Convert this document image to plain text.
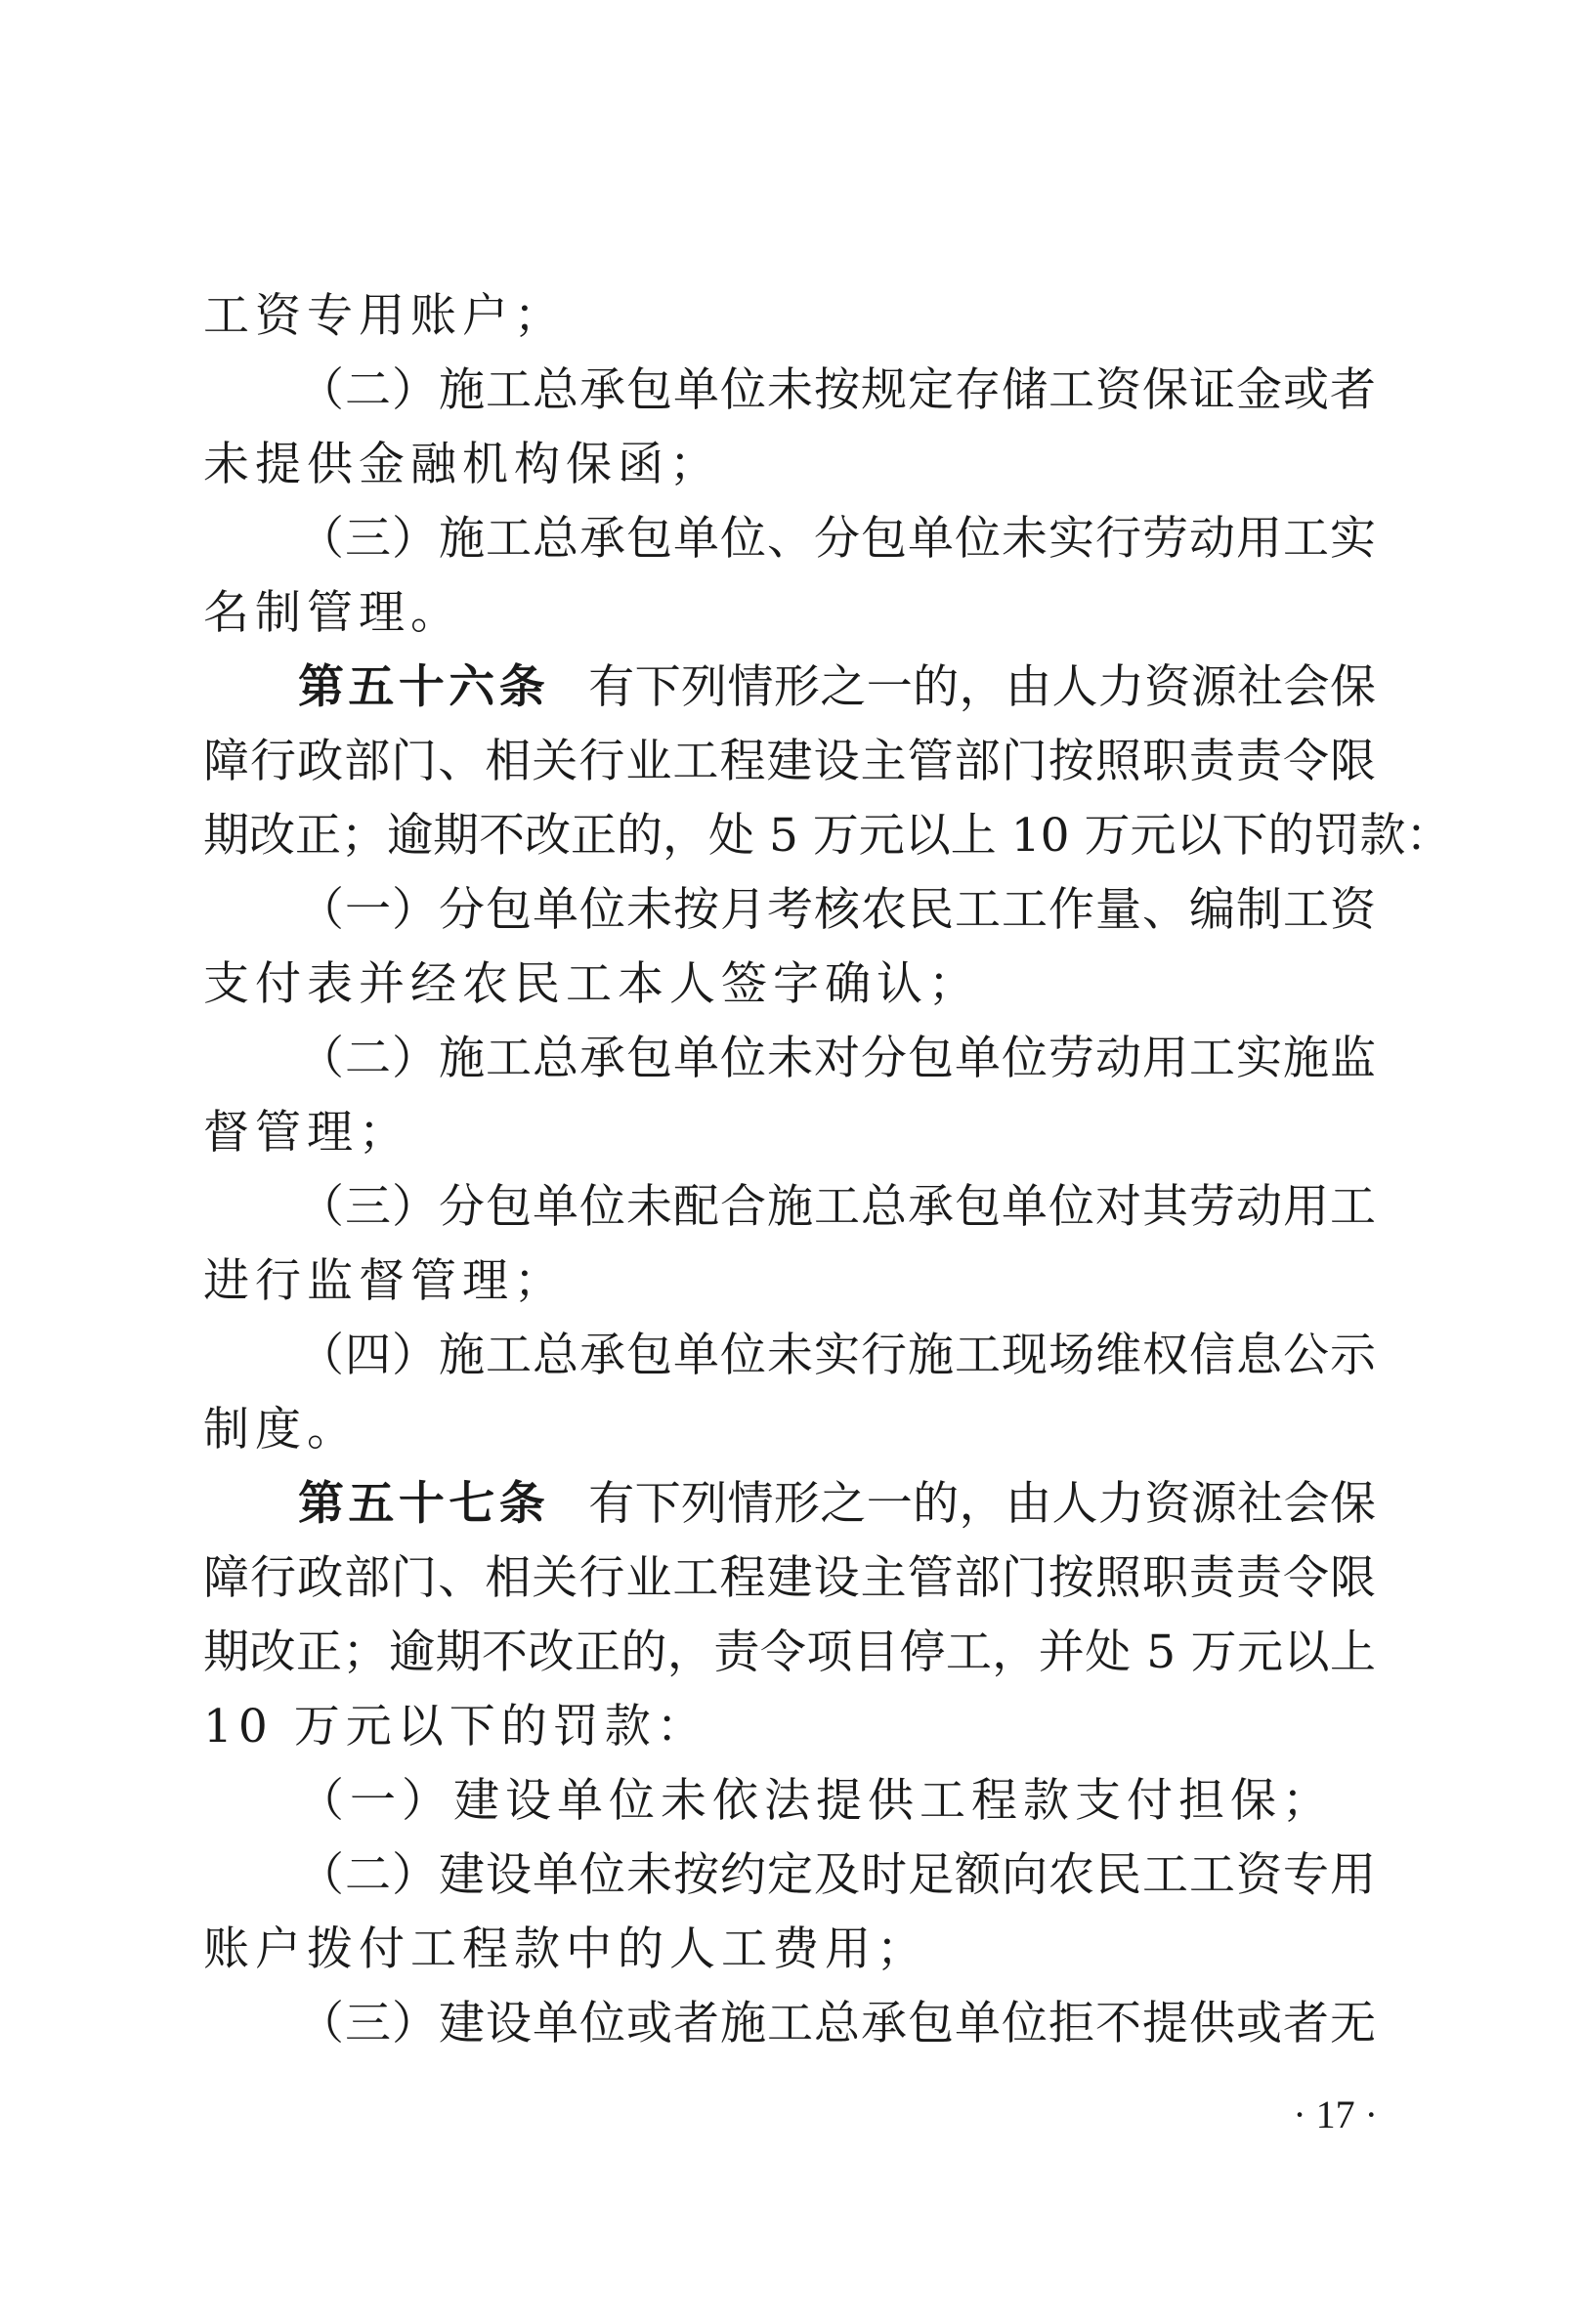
工资专用账户；
（二）施工总承包单位未按规定存储工资保证金或者
未提供金融机构保函；
（三）施工总承包单位、分包单位未实行劳动用工实
名制管理。
第五十六条 有下列情形之一的，由人力资源社会保
障行政部门、相关行业工程建设主管部门按照职责责令限
期改正；逾期不改正的，处 5 万元以上 10 万元以下的罚款：
（一）分包单位未按月考核农民工工作量、编制工资
支付表并经农民工本人签字确认；
（二）施工总承包单位未对分包单位劳动用工实施监
督管理；
（三）分包单位未配合施工总承包单位对其劳动用工
进行监督管理；
（四）施工总承包单位未实行施工现场维权信息公示
制度。
第五十七条 有下列情形之一的，由人力资源社会保
障行政部门、相关行业工程建设主管部门按照职责责令限
期改正；逾期不改正的，责令项目停工，并处 5 万元以上
10 万元以下的罚款：
（一）建设单位未依法提供工程款支付担保；
（二）建设单位未按约定及时足额向农民工工资专用
账户拨付工程款中的人工费用；
（三）建设单位或者施工总承包单位拒不提供或者无
· 17 ·
